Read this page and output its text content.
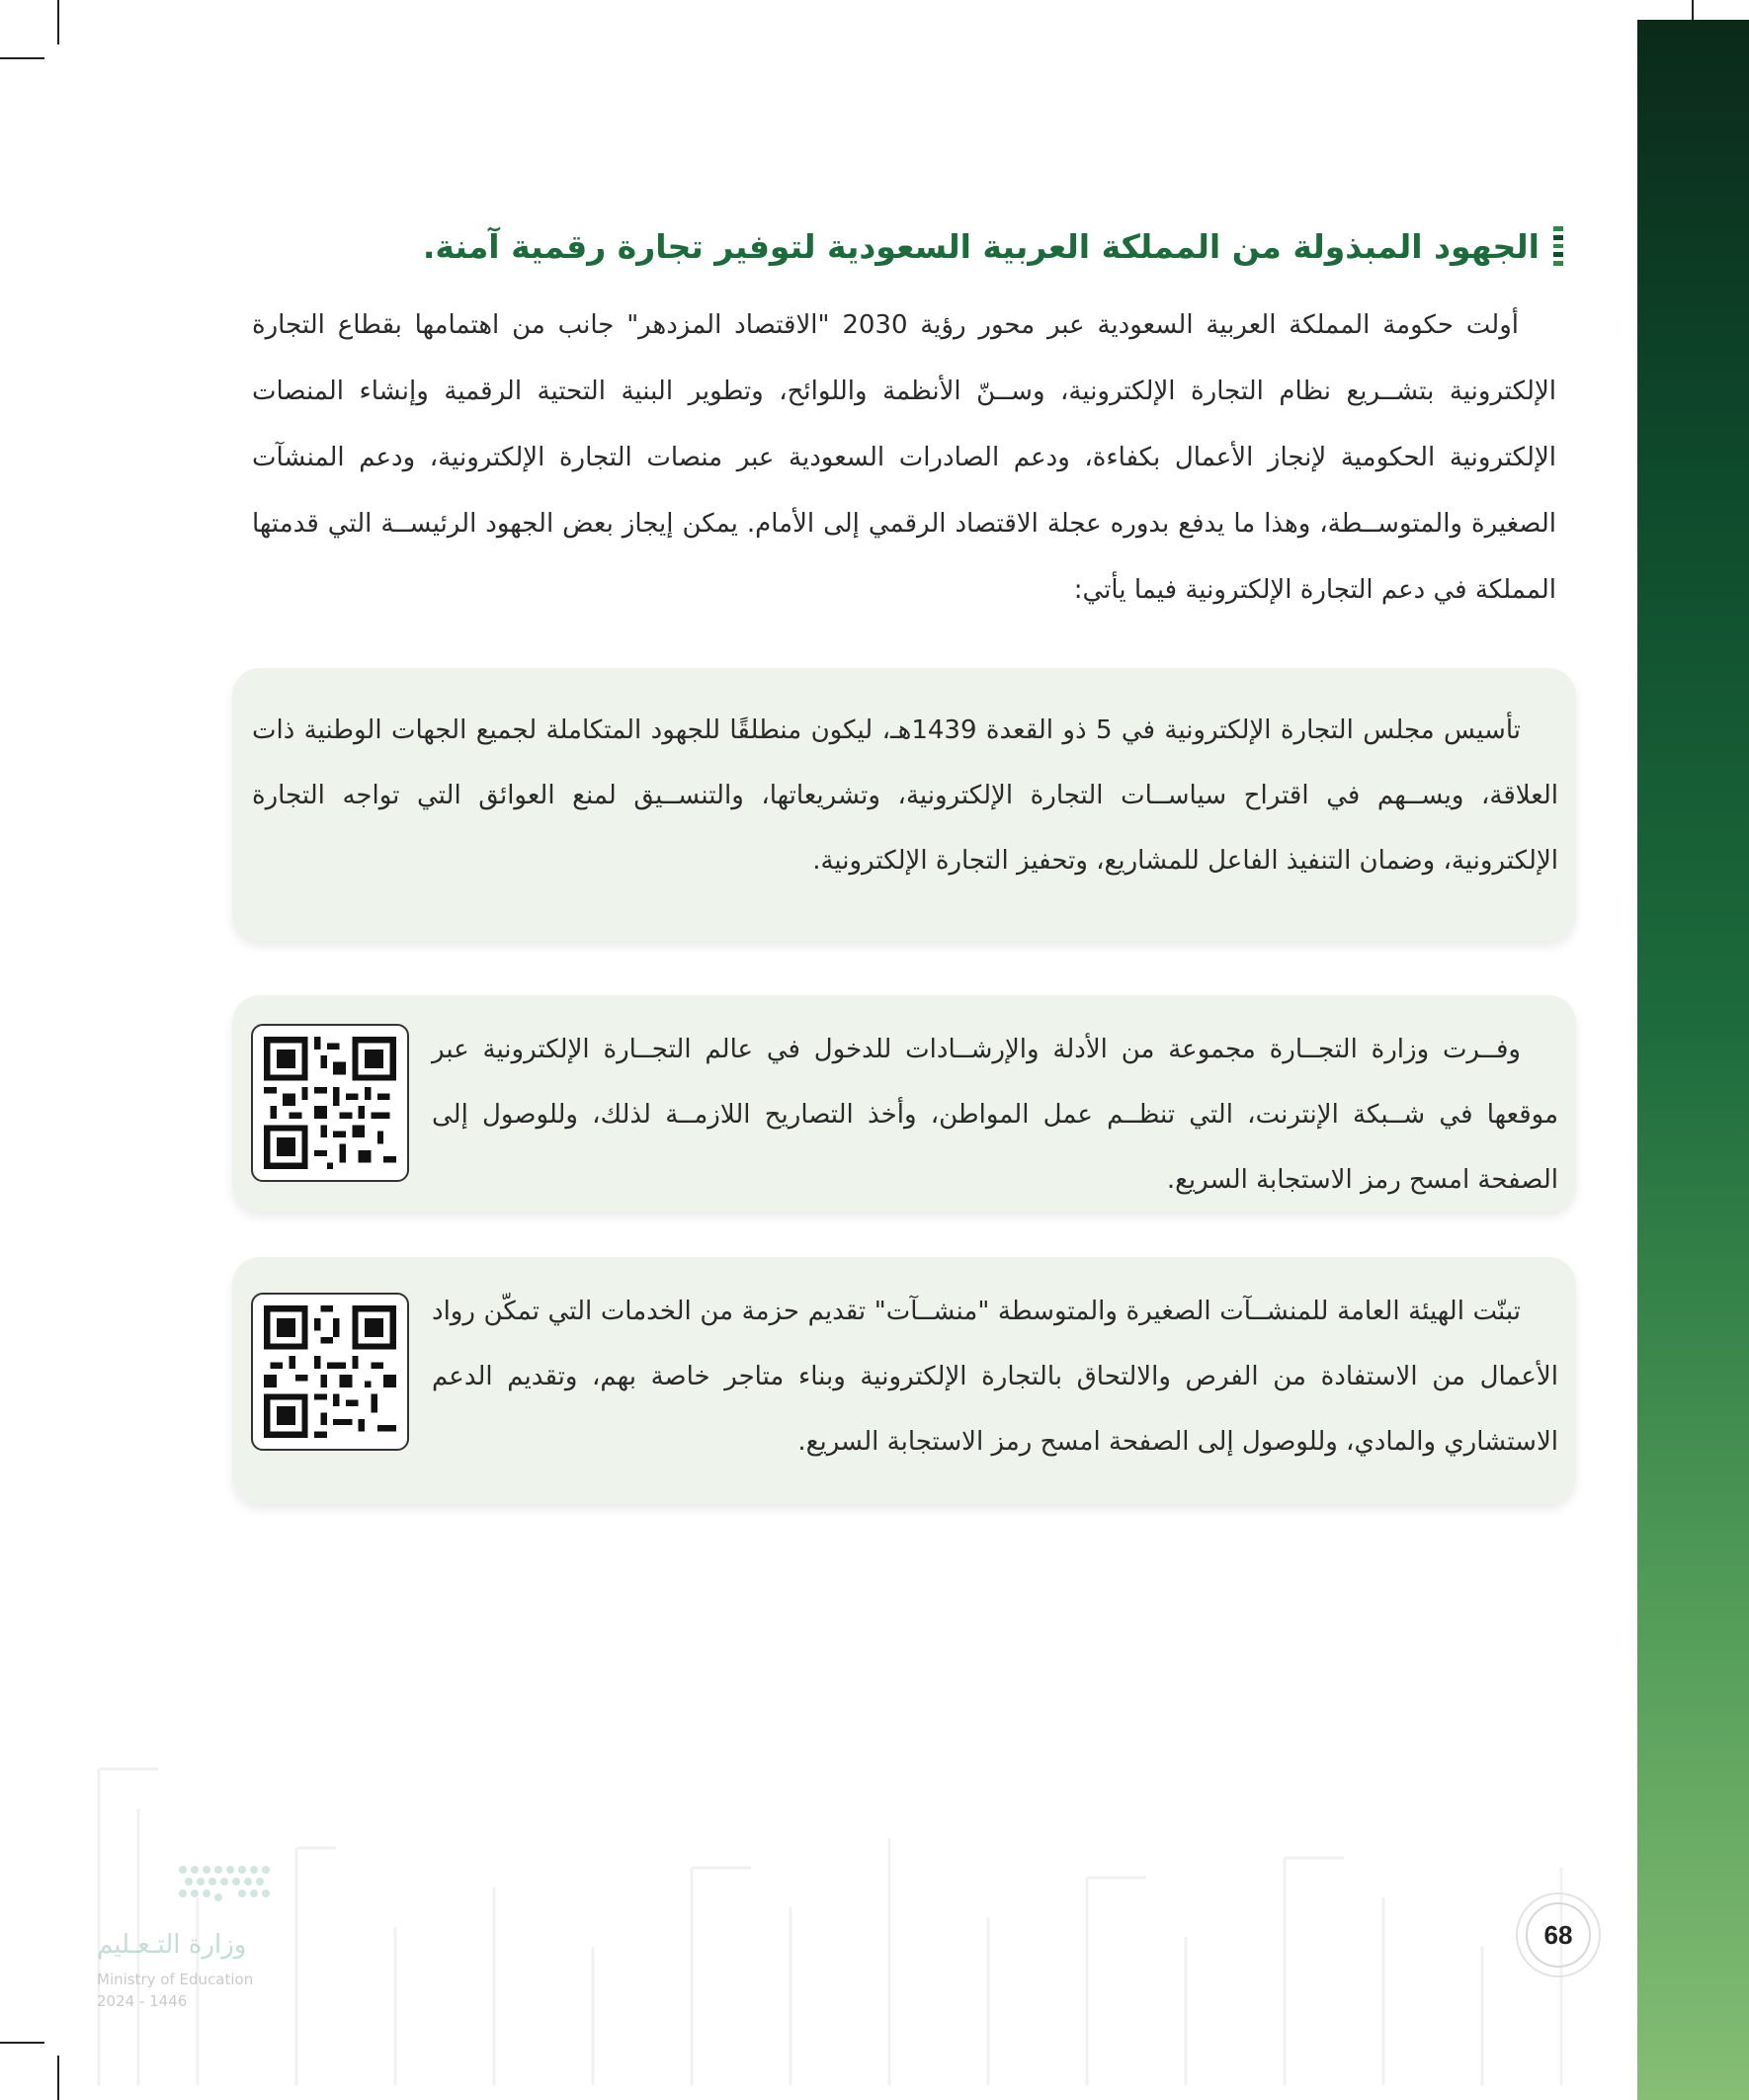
الجهود المبذولة من المملكة العربية السعودية لتوفير تجارة رقمية آمنة.

أولت حكومة المملكة العربية السعودية عبر محور رؤية 2030 "الاقتصاد المزدهر" جانب من اهتمامها بقطاع التجارة الإلكترونية بتشــريع نظام التجارة الإلكترونية، وســنّ الأنظمة واللوائح، وتطوير البنية التحتية الرقمية وإنشاء المنصات الإلكترونية الحكومية لإنجاز الأعمال بكفاءة، ودعم الصادرات السعودية عبر منصات التجارة الإلكترونية، ودعم المنشآت الصغيرة والمتوســطة، وهذا ما يدفع بدوره عجلة الاقتصاد الرقمي إلى الأمام. يمكن إيجاز بعض الجهود الرئيســة التي قدمتها المملكة في دعم التجارة الإلكترونية فيما يأتي:

تأسيس مجلس التجارة الإلكترونية في 5 ذو القعدة 1439هـ، ليكون منطلقًا للجهود المتكاملة لجميع الجهات الوطنية ذات العلاقة، ويســهم في اقتراح سياســات التجارة الإلكترونية، وتشريعاتها، والتنســيق لمنع العوائق التي تواجه التجارة الإلكترونية، وضمان التنفيذ الفاعل للمشاريع، وتحفيز التجارة الإلكترونية.

وفــرت وزارة التجــارة مجموعة من الأدلة والإرشــادات للدخول في عالم التجــارة الإلكترونية عبر موقعها في شــبكة الإنترنت، التي تنظــم عمل المواطن، وأخذ التصاريح اللازمــة لذلك، وللوصول إلى الصفحة امسح رمز الاستجابة السريع.

تبنّت الهيئة العامة للمنشــآت الصغيرة والمتوسطة "منشــآت" تقديم حزمة من الخدمات التي تمكّن رواد الأعمال من الاستفادة من الفرص والالتحاق بالتجارة الإلكترونية وبناء متاجر خاصة بهم، وتقديم الدعم الاستشاري والمادي، وللوصول إلى الصفحة امسح رمز الاستجابة السريع.

وزارة التـعـليم
Ministry of Education
2024 - 1446
68
